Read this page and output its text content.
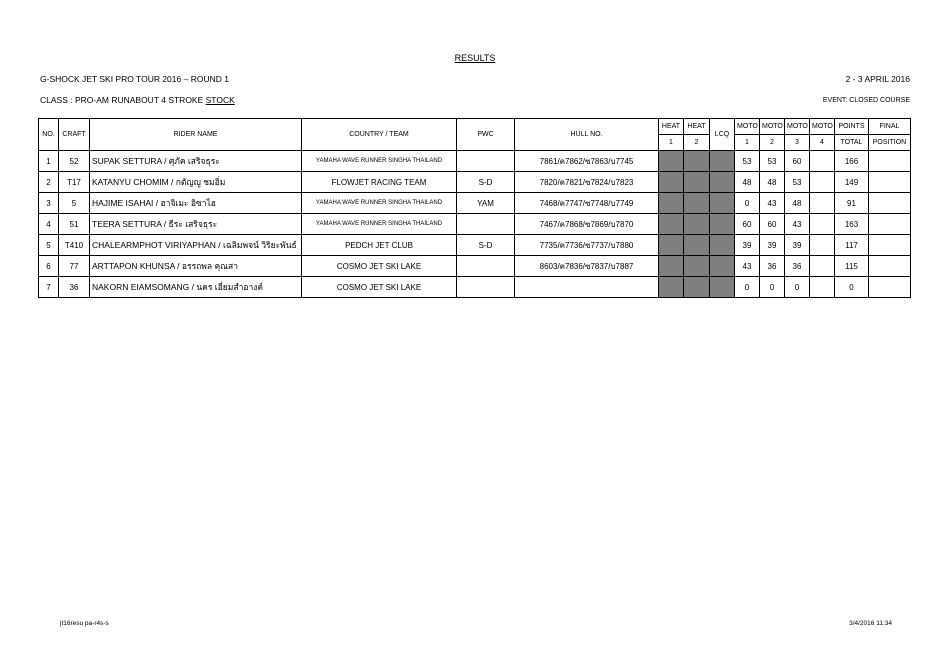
RESULTS
G-SHOCK JET SKI PRO TOUR 2016 – ROUND 1	2 - 3 APRIL 2016
CLASS : PRO-AM RUNABOUT 4 STROKE STOCK	EVENT: CLOSED COURSE
NO.	CRAFT	RIDER NAME	COUNTRY / TEAM	PWC	HULL NO.	HEAT	HEAT	LCQ	MOTO	MOTO	MOTO	MOTO	POINTS	FINAL
						1	2		1	2	3	4	TOTAL	POSITION
1	52	SUPAK SETTURA / ศุภัค เสริจธุระ	YAMAHA WAVE RUNNER SINGHA THAILAND		7861/ค7862/ซ7863/บ7745				53	53	60		166	
2	T17	KATANYU CHOMIM / กตัญญู ชมอิ่ม	FLOWJET RACING TEAM	S-D	7820/ค7821/ซ7824/บ7823				48	48	53		149	
3	5	HAJIME ISAHAI / ฮาจิเมะ อิซาไฮ	YAMAHA WAVE RUNNER SINGHA THAILAND	YAM	7468/ค7747/ซ7748/บ7749				0	43	48		91	
4	51	TEERA SETTURA / ธีระ เสริจธุระ	YAMAHA WAVE RUNNER SINGHA THAILAND		7467/ค7868/ซ7869/บ7870				60	60	43		163	
5	T410	CHALEARMPHOT VIRIYAPHAN / เฉลิมพจน์ วิริยะพันธ์	PEDCH JET CLUB	S-D	7735/ค7736/ซ7737/บ7880				39	39	39		117	
6	77	ARTTAPON KHUNSA / อรรถพล คุณสา	COSMO JET SKI LAKE		8603/ค7836/ซ7837/บ7887				43	36	36		115	
7	36	NAKORN EIAMSOMANG / นคร เอี่ยมสำอางค์	COSMO JET SKI LAKE						0	0	0		0	
jt16resu pa-r4s-s	3/4/2016 11:34
